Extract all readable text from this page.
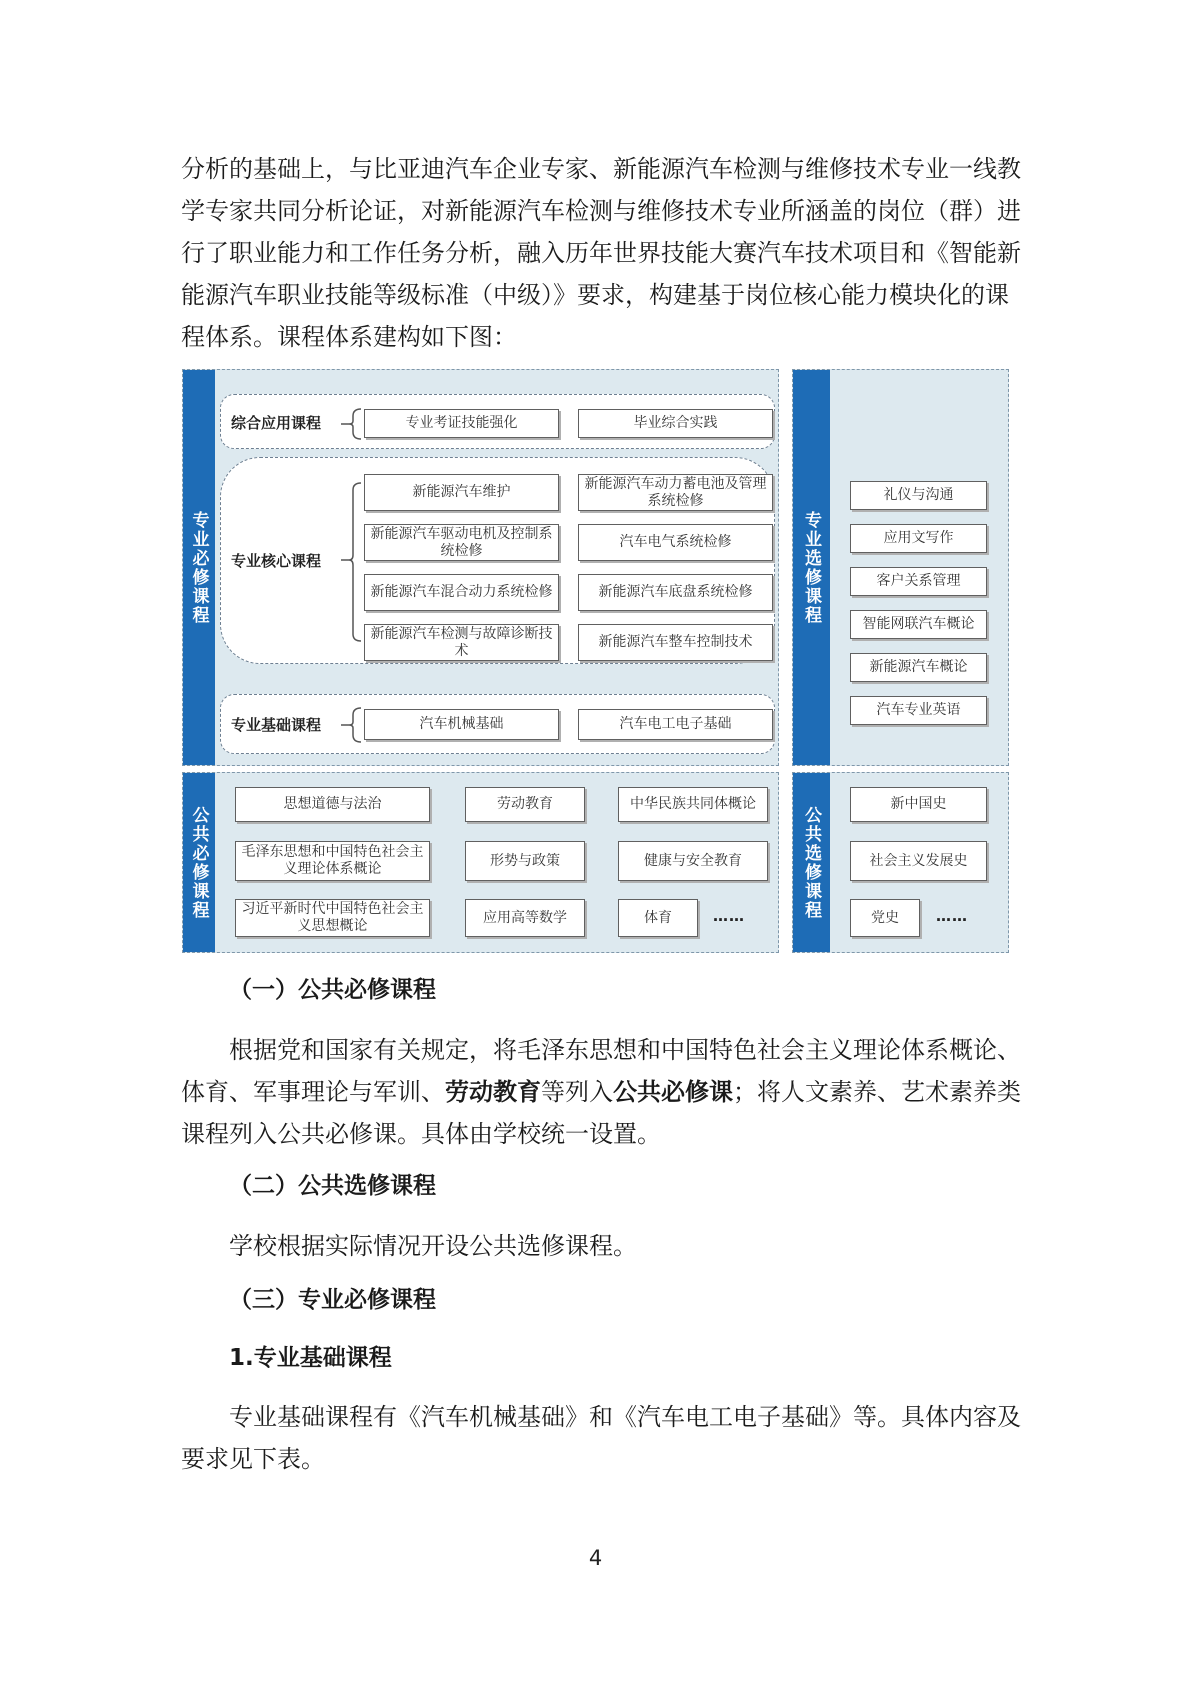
分析的基础上，与比亚迪汽车企业专家、新能源汽车检测与维修技术专业一线教
学专家共同分析论证，对新能源汽车检测与维修技术专业所涵盖的岗位（群）进
行了职业能力和工作任务分析，融入历年世界技能大赛汽车技术项目和《智能新
能源汽车职业技能等级标准（中级）》要求，构建基于岗位核心能力模块化的课
程体系。课程体系建构如下图：
专业必修课程
综合应用课程	专业考证技能强化	毕业综合实践
专业核心课程
新能源汽车维护
新能源汽车动力蓄电池及管理系统检修
新能源汽车驱动电机及控制系统检修
汽车电气系统检修
新能源汽车混合动力系统检修	新能源汽车底盘系统检修
新能源汽车检测与故障诊断技术
新能源汽车整车控制技术
专业基础课程	汽车机械基础	汽车电工电子基础
专业选修课程
礼仪与沟通
应用文写作
客户关系管理
智能网联汽车概论
新能源汽车概论
汽车专业英语
公共必修课程
思想道德与法治	劳动教育	中华民族共同体概论
毛泽东思想和中国特色社会主义理论体系概论
形势与政策	健康与安全教育
习近平新时代中国特色社会主义思想概论
应用高等数学	体育	……	公共选修课程
新中国史
社会主义发展史
党史	……
（一）公共必修课程
根据党和国家有关规定，将毛泽东思想和中国特色社会主义理论体系概论、
体育、军事理论与军训、劳动教育等列入公共必修课；将人文素养、艺术素养类
课程列入公共必修课。具体由学校统一设置。
（二）公共选修课程
学校根据实际情况开设公共选修课程。
（三）专业必修课程
1.专业基础课程
专业基础课程有《汽车机械基础》和《汽车电工电子基础》等。具体内容及
要求见下表。
4
